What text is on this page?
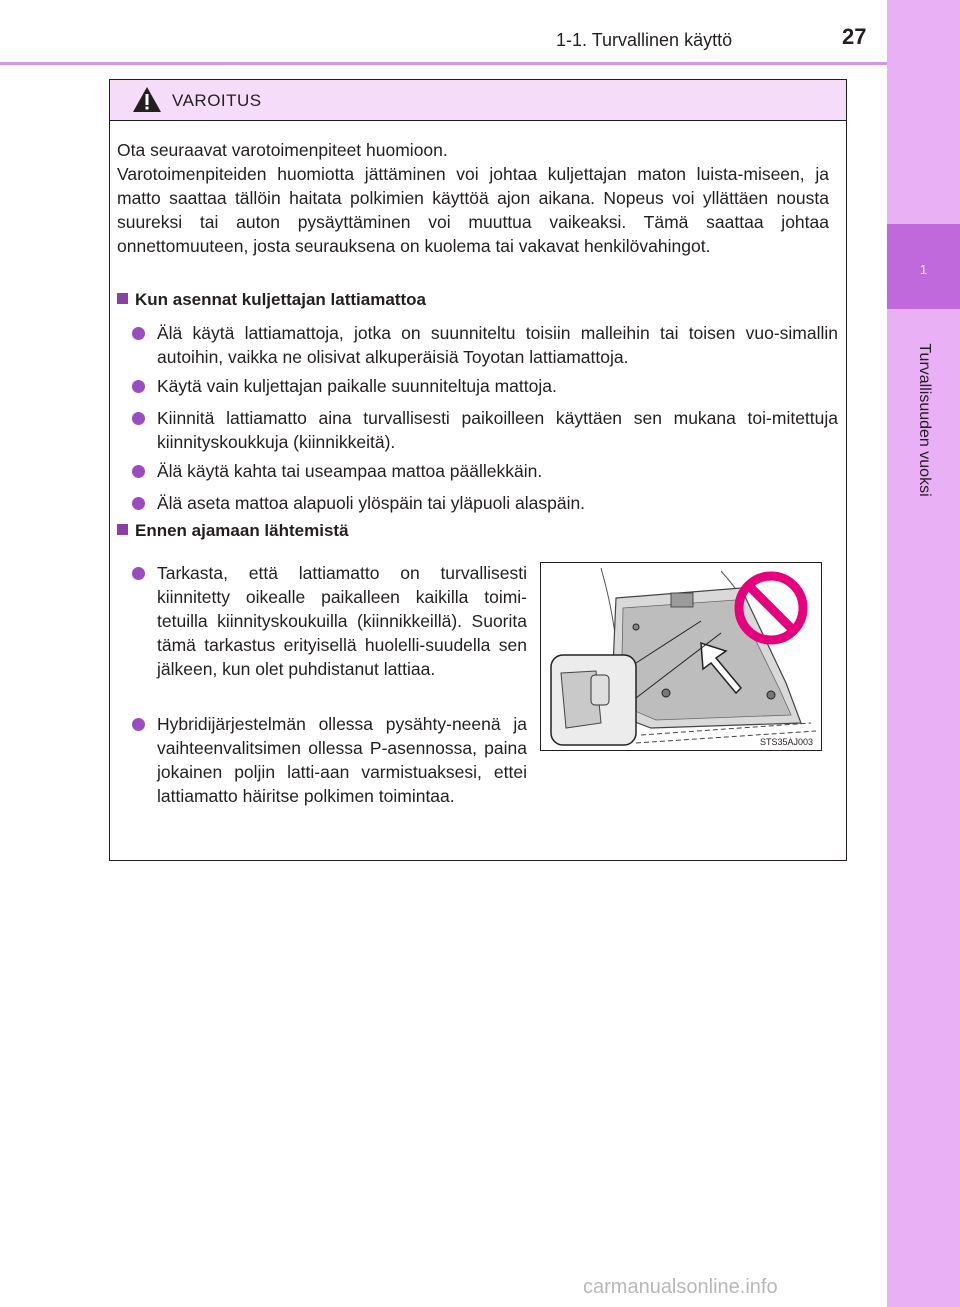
1
Turvallisuuden vuoksi
1-1. Turvallinen käyttö	27
VAROITUS

Ota seuraavat varotoimenpiteet huomioon.

Varotoimenpiteiden huomiotta jättäminen voi johtaa kuljettajan maton luista-miseen, ja matto saattaa tällöin haitata polkimien käyttöä ajon aikana. Nopeus voi yllättäen nousta suureksi tai auton pysäyttäminen voi muuttua vaikeaksi. Tämä saattaa johtaa onnettomuuteen, josta seurauksena on kuolema tai vakavat henkilövahingot.

Kun asennat kuljettajan lattiamattoa
Älä käytä lattiamattoja, jotka on suunniteltu toisiin malleihin tai toisen vuo-simallin autoihin, vaikka ne olisivat alkuperäisiä Toyotan lattiamattoja.
Käytä vain kuljettajan paikalle suunniteltuja mattoja.
Kiinnitä lattiamatto aina turvallisesti paikoilleen käyttäen sen mukana toi-mitettuja kiinnityskoukkuja (kiinnikkeitä).
Älä käytä kahta tai useampaa mattoa päällekkäin.
Älä aseta mattoa alapuoli ylöspäin tai yläpuoli alaspäin.
Ennen ajamaan lähtemistä
Tarkasta, että lattiamatto on turvallisesti kiinnitetty oikealle paikalleen kaikilla toimi-tetuilla kiinnityskoukuilla (kiinnikkeillä). Suorita tämä tarkastus erityisellä huolelli-suudella sen jälkeen, kun olet puhdistanut lattiaa.
Hybridijärjestelmän ollessa pysähty-neenä ja vaihteenvalitsimen ollessa P-asennossa, paina jokainen poljin latti-aan varmistuaksesi, ettei lattiamatto häiritse polkimen toimintaa.
STS35AJ003
carmanualsonline.info
